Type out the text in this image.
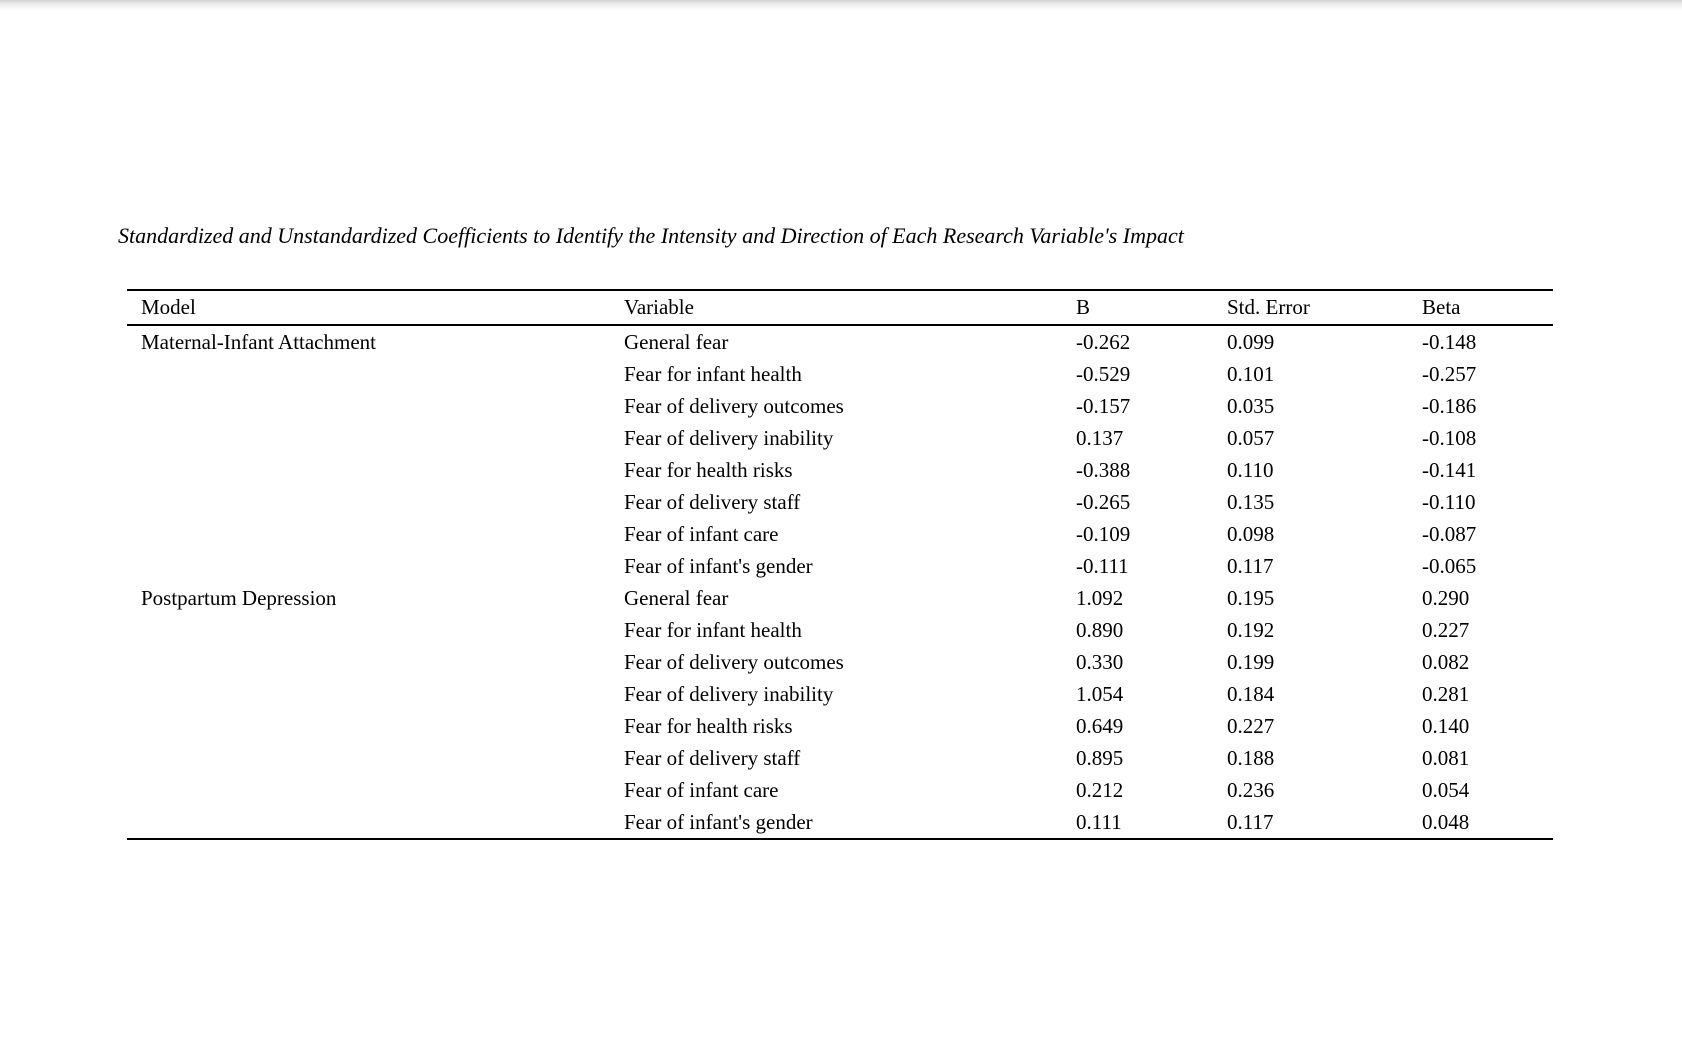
Standardized and Unstandardized Coefficients to Identify the Intensity and Direction of Each Research Variable's Impact
Model	Variable	B	Std. Error	Beta
Maternal-Infant Attachment	General fear	-0.262	0.099	-0.148
	Fear for infant health	-0.529	0.101	-0.257
	Fear of delivery outcomes	-0.157	0.035	-0.186
	Fear of delivery inability	0.137	0.057	-0.108
	Fear for health risks	-0.388	0.110	-0.141
	Fear of delivery staff	-0.265	0.135	-0.110
	Fear of infant care	-0.109	0.098	-0.087
	Fear of infant's gender	-0.111	0.117	-0.065
Postpartum Depression	General fear	1.092	0.195	0.290
	Fear for infant health	0.890	0.192	0.227
	Fear of delivery outcomes	0.330	0.199	0.082
	Fear of delivery inability	1.054	0.184	0.281
	Fear for health risks	0.649	0.227	0.140
	Fear of delivery staff	0.895	0.188	0.081
	Fear of infant care	0.212	0.236	0.054
	Fear of infant's gender	0.111	0.117	0.048
